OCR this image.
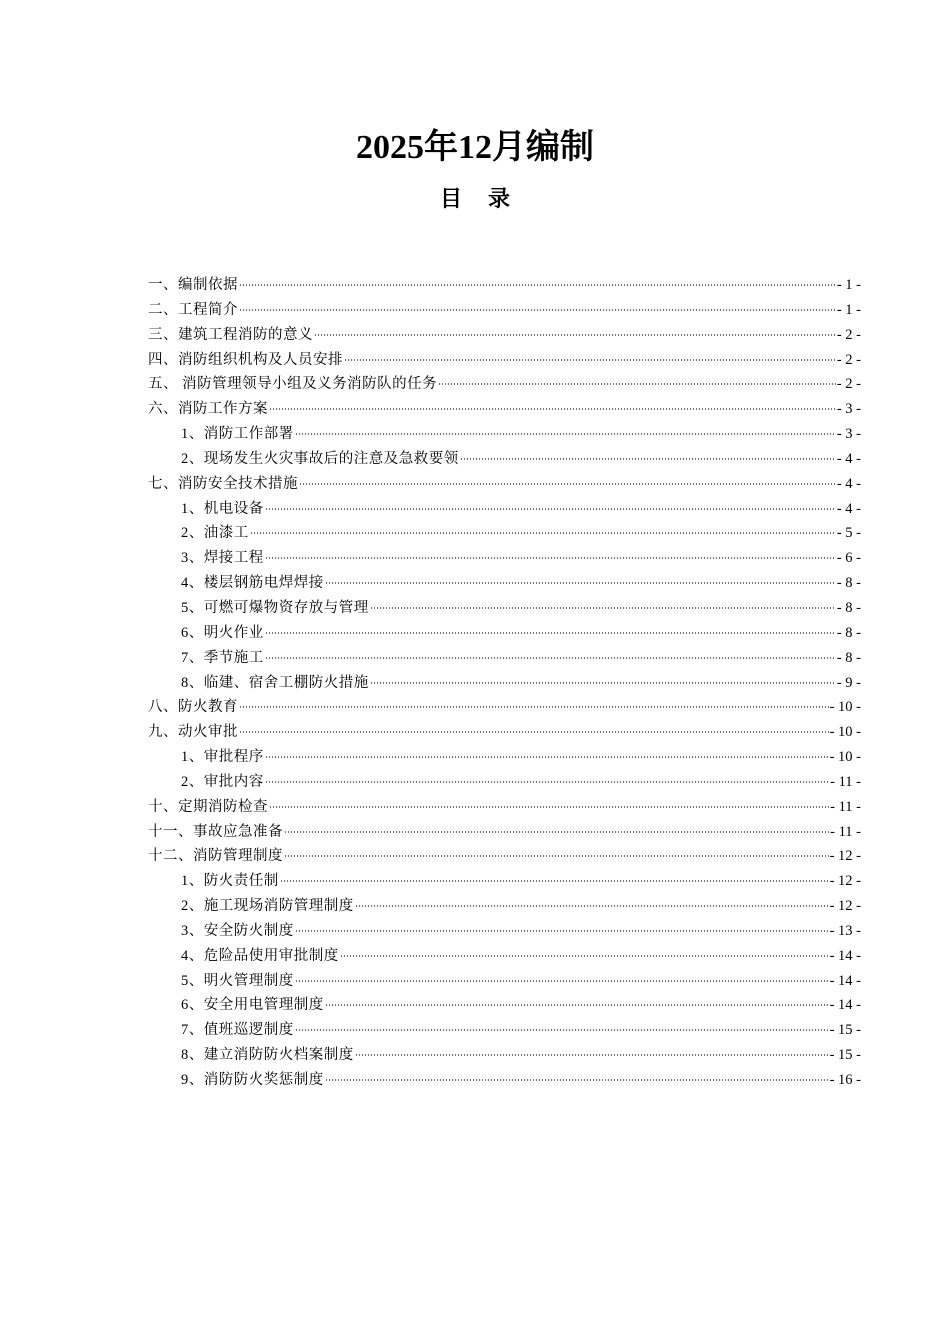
2025年12月编制
目录
一、编制依据	- 1 -
二、工程简介	- 1 -
三、建筑工程消防的意义	- 2 -
四、消防组织机构及人员安排	- 2 -
五、 消防管理领导小组及义务消防队的任务	- 2 -
六、消防工作方案	- 3 -
1、消防工作部署	- 3 -
2、现场发生火灾事故后的注意及急救要领	- 4 -
七、消防安全技术措施	- 4 -
1、机电设备	- 4 -
2、油漆工	- 5 -
3、焊接工程	- 6 -
4、楼层钢筋电焊焊接	- 8 -
5、可燃可爆物资存放与管理	- 8 -
6、明火作业	- 8 -
7、季节施工	- 8 -
8、临建、宿舍工棚防火措施	- 9 -
八、防火教育	- 10 -
九、动火审批	- 10 -
1、审批程序	- 10 -
2、审批内容	- 11 -
十、定期消防检查	- 11 -
十一、事故应急准备	- 11 -
十二、消防管理制度	- 12 -
1、防火责任制	- 12 -
2、施工现场消防管理制度	- 12 -
3、安全防火制度	- 13 -
4、危险品使用审批制度	- 14 -
5、明火管理制度	- 14 -
6、安全用电管理制度	- 14 -
7、值班巡逻制度	- 15 -
8、建立消防防火档案制度	- 15 -
9、消防防火奖惩制度	- 16 -
